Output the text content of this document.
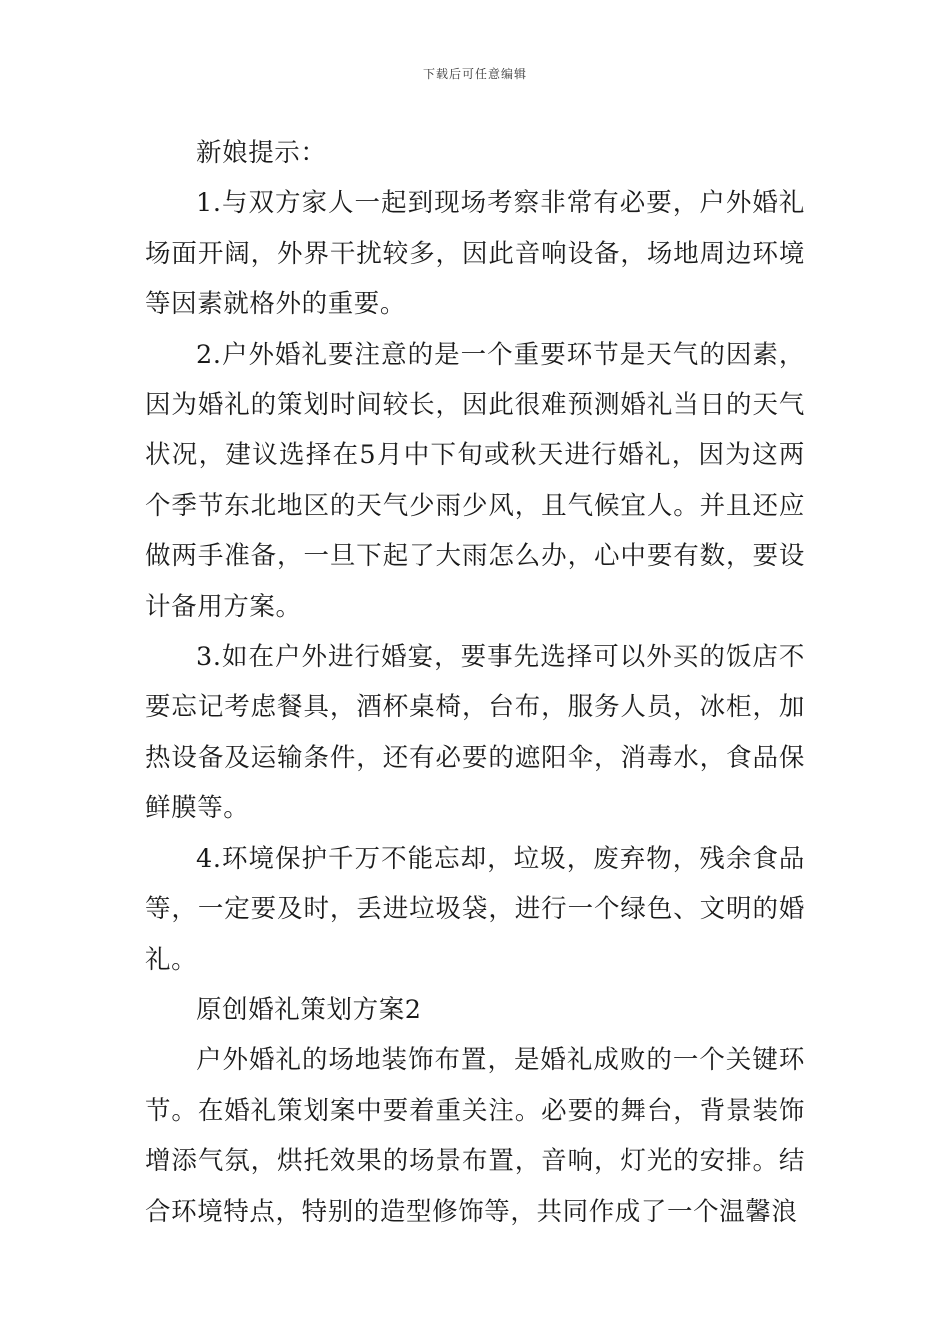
下载后可任意编辑

新娘提示：

1.与双方家人一起到现场考察非常有必要，户外婚礼场面开阔，外界干扰较多，因此音响设备，场地周边环境等因素就格外的重要。

2.户外婚礼要注意的是一个重要环节是天气的因素，因为婚礼的策划时间较长，因此很难预测婚礼当日的天气状况，建议选择在5月中下旬或秋天进行婚礼，因为这两个季节东北地区的天气少雨少风，且气候宜人。并且还应做两手准备，一旦下起了大雨怎么办，心中要有数，要设计备用方案。

3.如在户外进行婚宴，要事先选择可以外买的饭店不要忘记考虑餐具，酒杯桌椅，台布，服务人员，冰柜，加热设备及运输条件，还有必要的遮阳伞，消毒水，食品保鲜膜等。

4.环境保护千万不能忘却，垃圾，废弃物，残余食品等，一定要及时，丢进垃圾袋，进行一个绿色、文明的婚礼。

原创婚礼策划方案2

户外婚礼的场地装饰布置，是婚礼成败的一个关键环节。在婚礼策划案中要着重关注。必要的舞台，背景装饰增添气氛，烘托效果的场景布置，音响，灯光的安排。结合环境特点，特别的造型修饰等，共同作成了一个温馨浪
